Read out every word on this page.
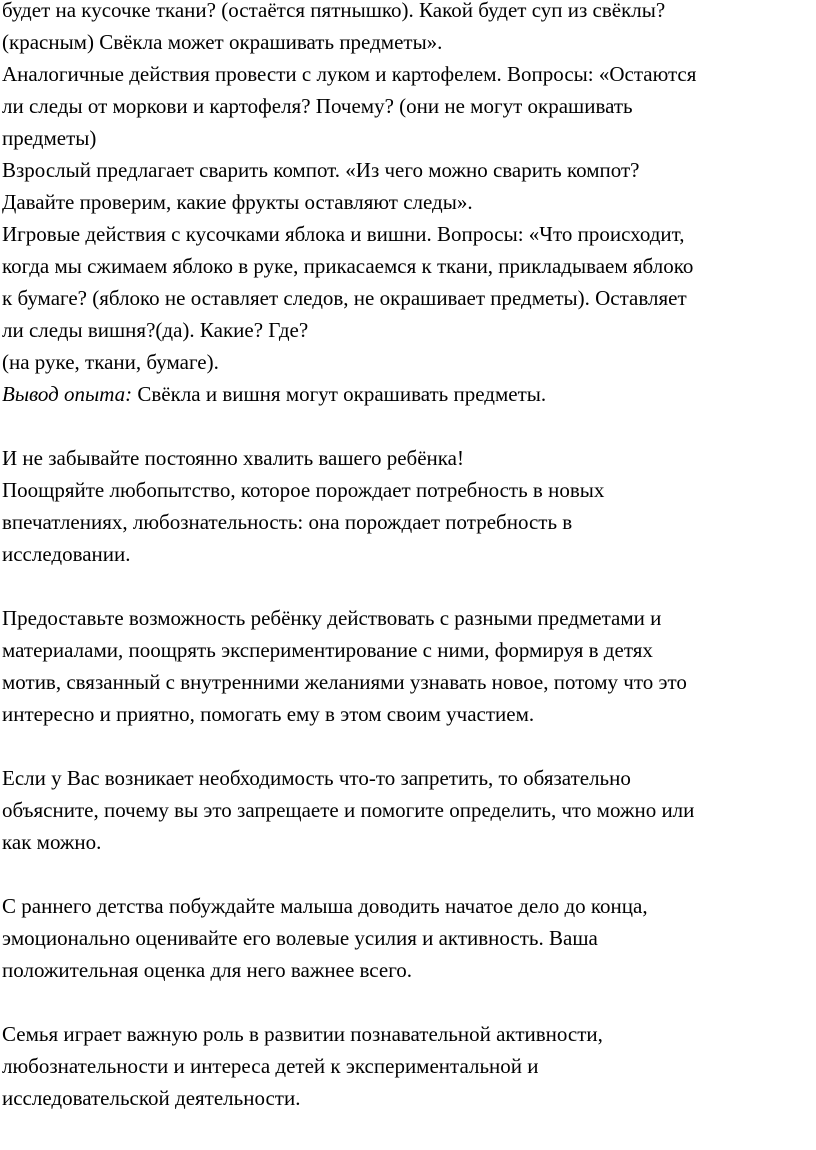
будет на кусочке ткани? (остаётся пятнышко). Какой будет суп из свёклы?
(красным) Свёкла может окрашивать предметы».
Аналогичные действия провести с луком и картофелем. Вопросы: «Остаются
ли следы от моркови и картофеля? Почему? (они не могут окрашивать
предметы)
Взрослый предлагает сварить компот. «Из чего можно сварить компот?
Давайте проверим, какие фрукты оставляют следы».
Игровые действия с кусочками яблока и вишни. Вопросы: «Что происходит,
когда мы сжимаем яблоко в руке, прикасаемся к ткани, прикладываем яблоко
к бумаге? (яблоко не оставляет следов, не окрашивает предметы). Оставляет
ли следы вишня?(да). Какие? Где?
(на руке, ткани, бумаге).
Вывод опыта: Свёкла и вишня могут окрашивать предметы.
И не забывайте постоянно хвалить вашего ребёнка!
Поощряйте любопытство, которое порождает потребность в новых
впечатлениях, любознательность: она порождает потребность в
исследовании.
Предоставьте возможность ребёнку действовать с разными предметами и
материалами, поощрять экспериментирование с ними, формируя в детях
мотив, связанный с внутренними желаниями узнавать новое, потому что это
интересно и приятно, помогать ему в этом своим участием.
Если у Вас возникает необходимость что-то запретить, то обязательно
объясните, почему вы это запрещаете и помогите определить, что можно или
как можно.
С раннего детства побуждайте малыша доводить начатое дело до конца,
эмоционально оценивайте его волевые усилия и активность. Ваша
положительная оценка для него важнее всего.
Семья играет важную роль в развитии познавательной активности,
любознательности и интереса детей к экспериментальной и
исследовательской деятельности.
